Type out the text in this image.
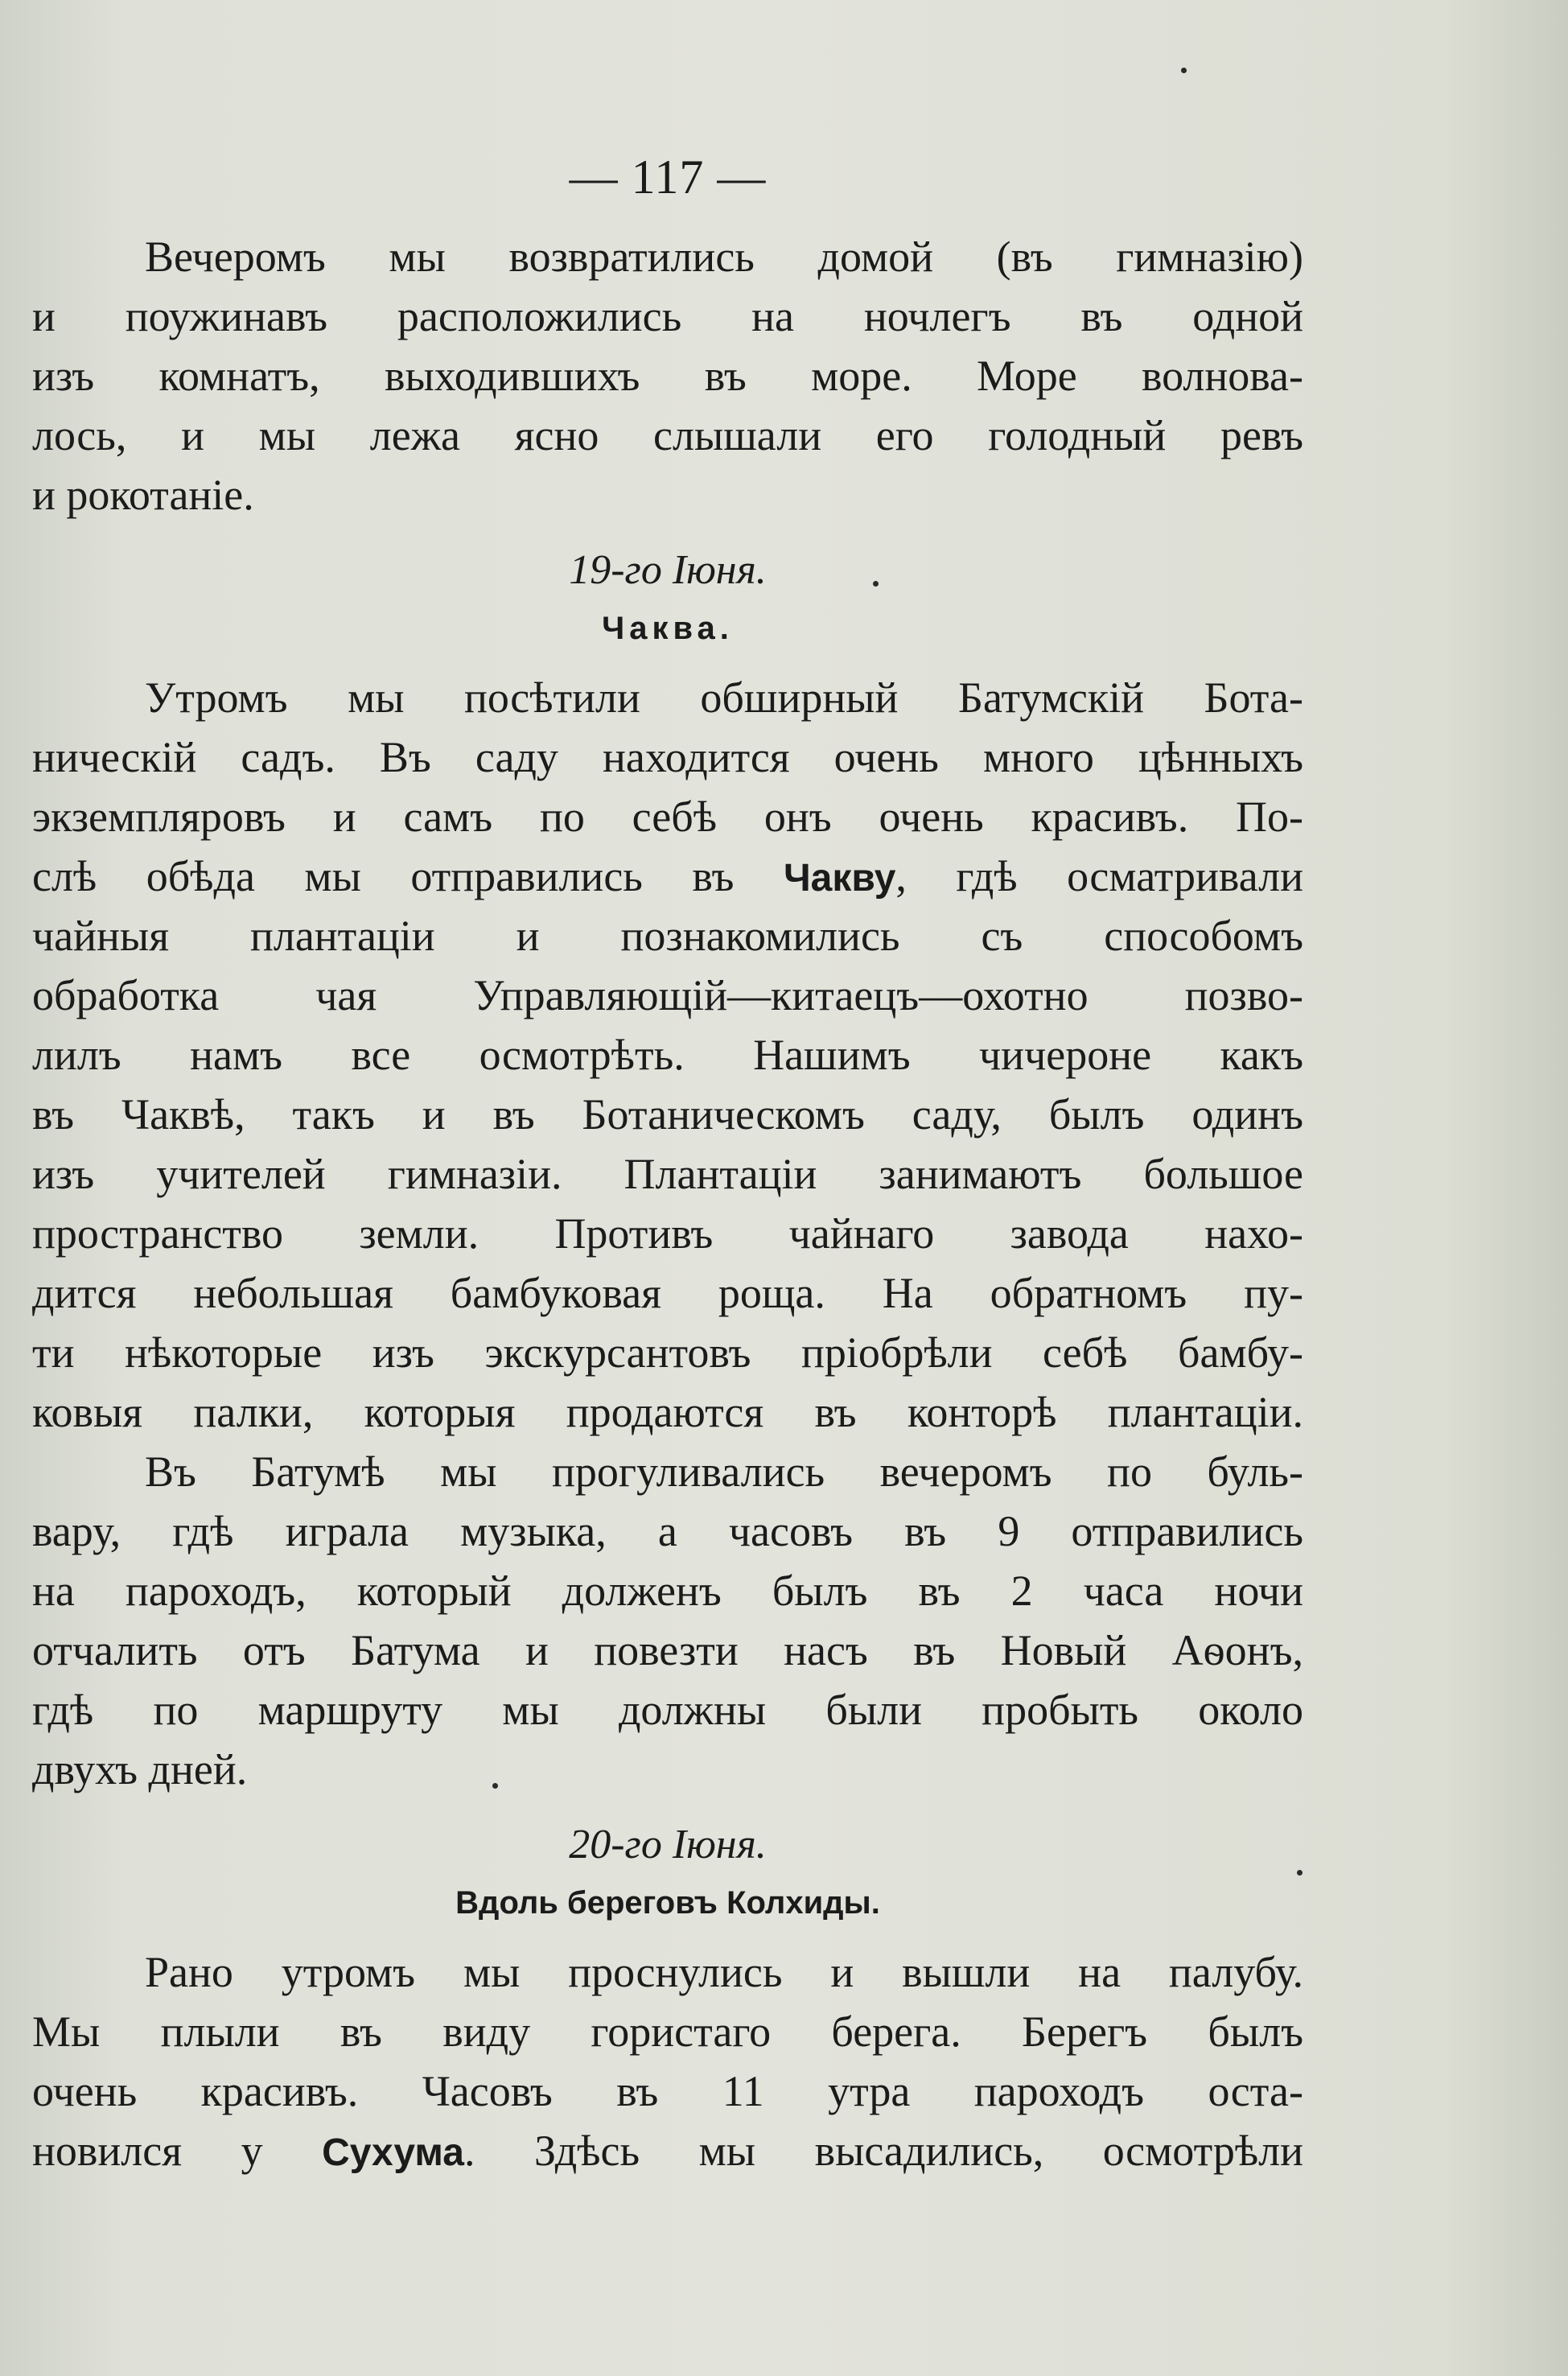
— 117 —
Вечеромъ мы возвратились домой (въ гимназію)
и поужинавъ расположились на ночлегъ въ одной
изъ комнатъ, выходившихъ въ море. Море волнова-
лось, и мы лежа ясно слышали его голодный ревъ
и рокотаніе.
19-го Іюня.
Чаква.
Утромъ мы посѣтили обширный Батумскій Бота-
ническій садъ. Въ саду находится очень много цѣнныхъ
экземпляровъ и самъ по себѣ онъ очень красивъ. По-
слѣ обѣда мы отправились въ Чакву, гдѣ осматривали
чайныя плантаціи и познакомились съ способомъ
обработка чая Управляющій—китаецъ—охотно позво-
лилъ намъ все осмотрѣть. Нашимъ чичероне какъ
въ Чаквѣ, такъ и въ Ботаническомъ саду, былъ одинъ
изъ учителей гимназіи. Плантаціи занимаютъ большое
пространство земли. Противъ чайнаго завода нахо-
дится небольшая бамбуковая роща. На обратномъ пу-
ти нѣкоторые изъ экскурсантовъ пріобрѣли себѣ бамбу-
ковыя палки, которыя продаются въ конторѣ плантаціи.
Въ Батумѣ мы прогуливались вечеромъ по буль-
вару, гдѣ играла музыка, а часовъ въ 9 отправились
на пароходъ, который долженъ былъ въ 2 часа ночи
отчалить отъ Батума и повезти насъ въ Новый Аѳонъ,
гдѣ по маршруту мы должны были пробыть около
двухъ дней.
20-го Іюня.
Вдоль береговъ Колхиды.
Рано утромъ мы проснулись и вышли на палубу.
Мы плыли въ виду гористаго берега. Берегъ былъ
очень красивъ. Часовъ въ 11 утра пароходъ оста-
новился у Сухума. Здѣсь мы высадились, осмотрѣли
